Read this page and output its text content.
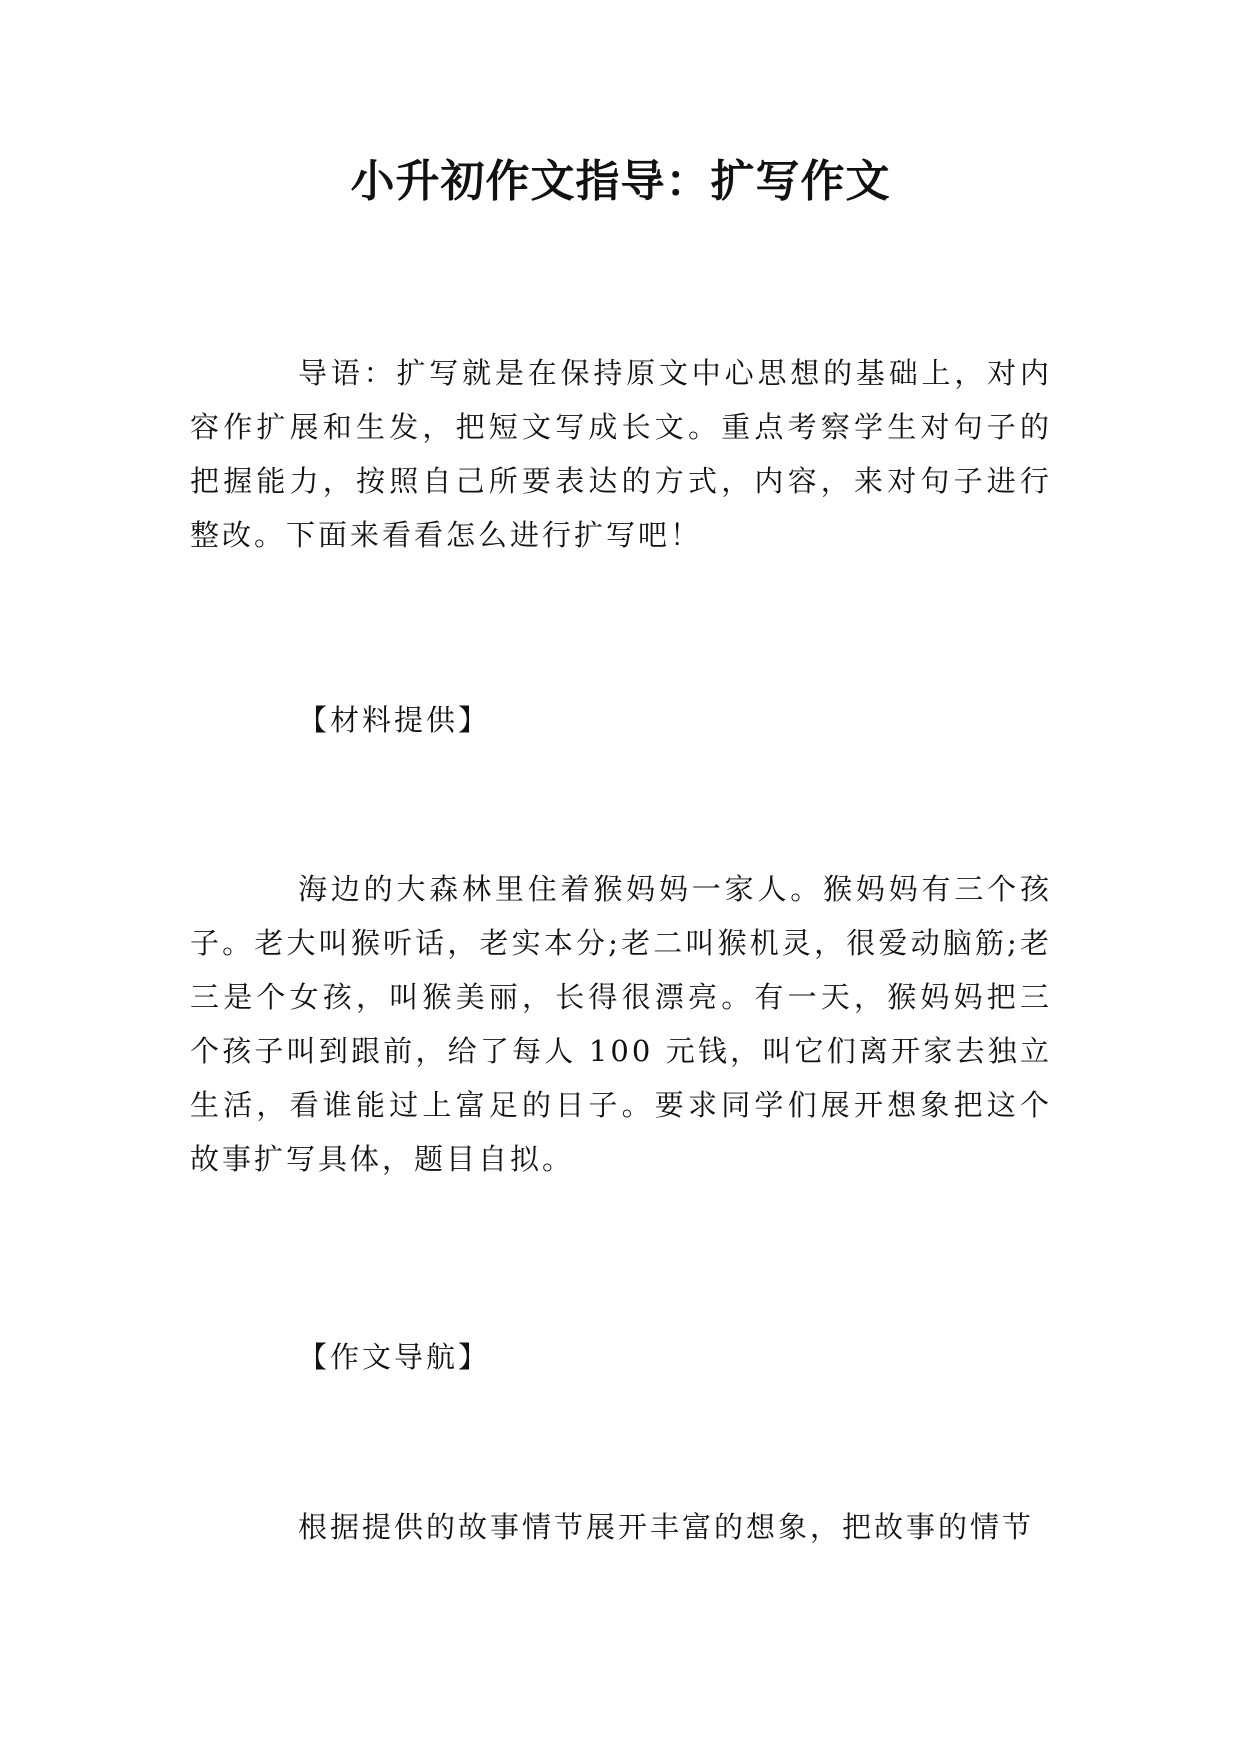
小升初作文指导：扩写作文

导语：扩写就是在保持原文中心思想的基础上，对内容作扩展和生发，把短文写成长文。重点考察学生对句子的把握能力，按照自己所要表达的方式，内容，来对句子进行整改。下面来看看怎么进行扩写吧！

【材料提供】

海边的大森林里住着猴妈妈一家人。猴妈妈有三个孩子。老大叫猴听话，老实本分;老二叫猴机灵，很爱动脑筋;老三是个女孩，叫猴美丽，长得很漂亮。有一天，猴妈妈把三个孩子叫到跟前，给了每人 100 元钱，叫它们离开家去独立生活，看谁能过上富足的日子。要求同学们展开想象把这个故事扩写具体，题目自拟。

【作文导航】

根据提供的故事情节展开丰富的想象，把故事的情节
